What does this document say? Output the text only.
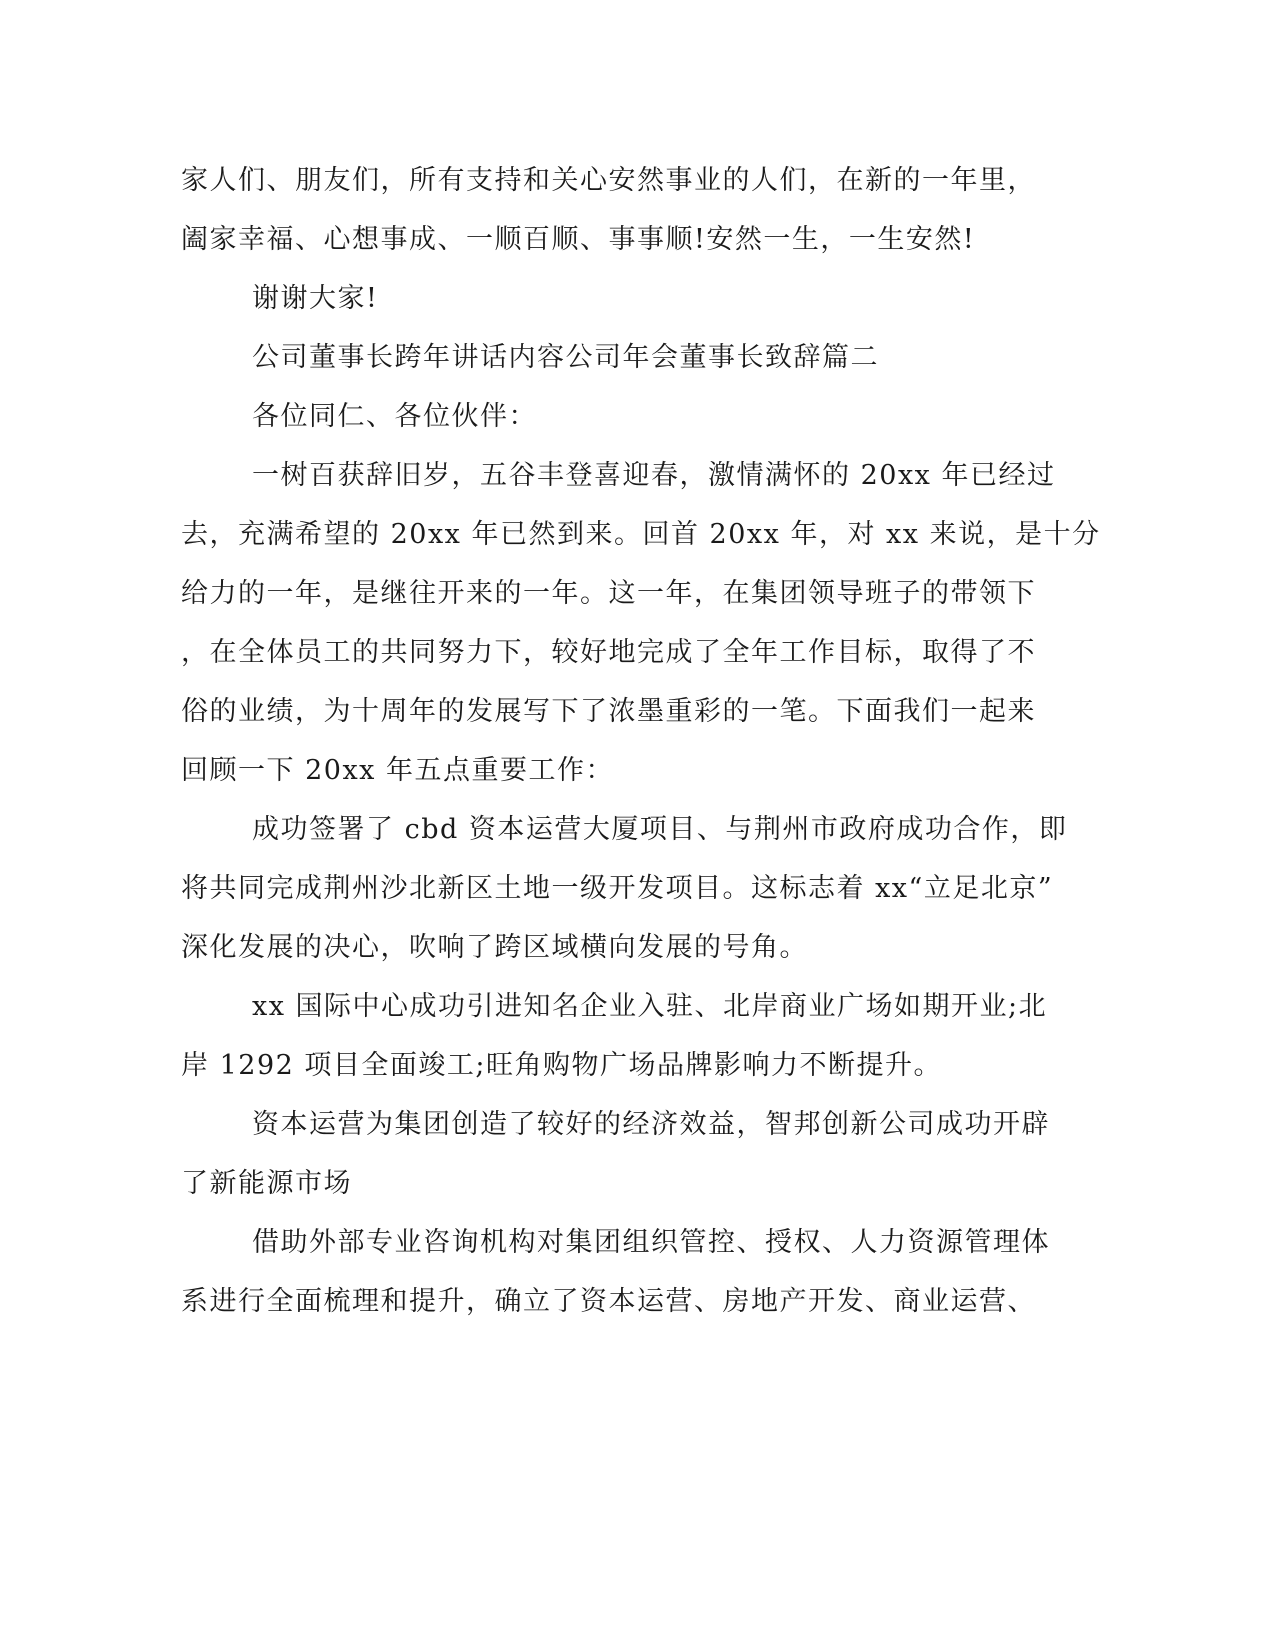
家人们、朋友们，所有支持和关心安然事业的人们，在新的一年里，
阖家幸福、心想事成、一顺百顺、事事顺!安然一生，一生安然!
谢谢大家!
公司董事长跨年讲话内容公司年会董事长致辞篇二
各位同仁、各位伙伴：
一树百获辞旧岁，五谷丰登喜迎春，激情满怀的 20xx 年已经过
去，充满希望的 20xx 年已然到来。回首 20xx 年，对 xx 来说，是十分
给力的一年，是继往开来的一年。这一年，在集团领导班子的带领下
，在全体员工的共同努力下，较好地完成了全年工作目标，取得了不
俗的业绩，为十周年的发展写下了浓墨重彩的一笔。下面我们一起来
回顾一下 20xx 年五点重要工作：
成功签署了 cbd 资本运营大厦项目、与荆州市政府成功合作，即
将共同完成荆州沙北新区土地一级开发项目。这标志着 xx“立足北京”
深化发展的决心，吹响了跨区域横向发展的号角。
xx 国际中心成功引进知名企业入驻、北岸商业广场如期开业;北
岸 1292 项目全面竣工;旺角购物广场品牌影响力不断提升。
资本运营为集团创造了较好的经济效益，智邦创新公司成功开辟
了新能源市场
借助外部专业咨询机构对集团组织管控、授权、人力资源管理体
系进行全面梳理和提升，确立了资本运营、房地产开发、商业运营、
